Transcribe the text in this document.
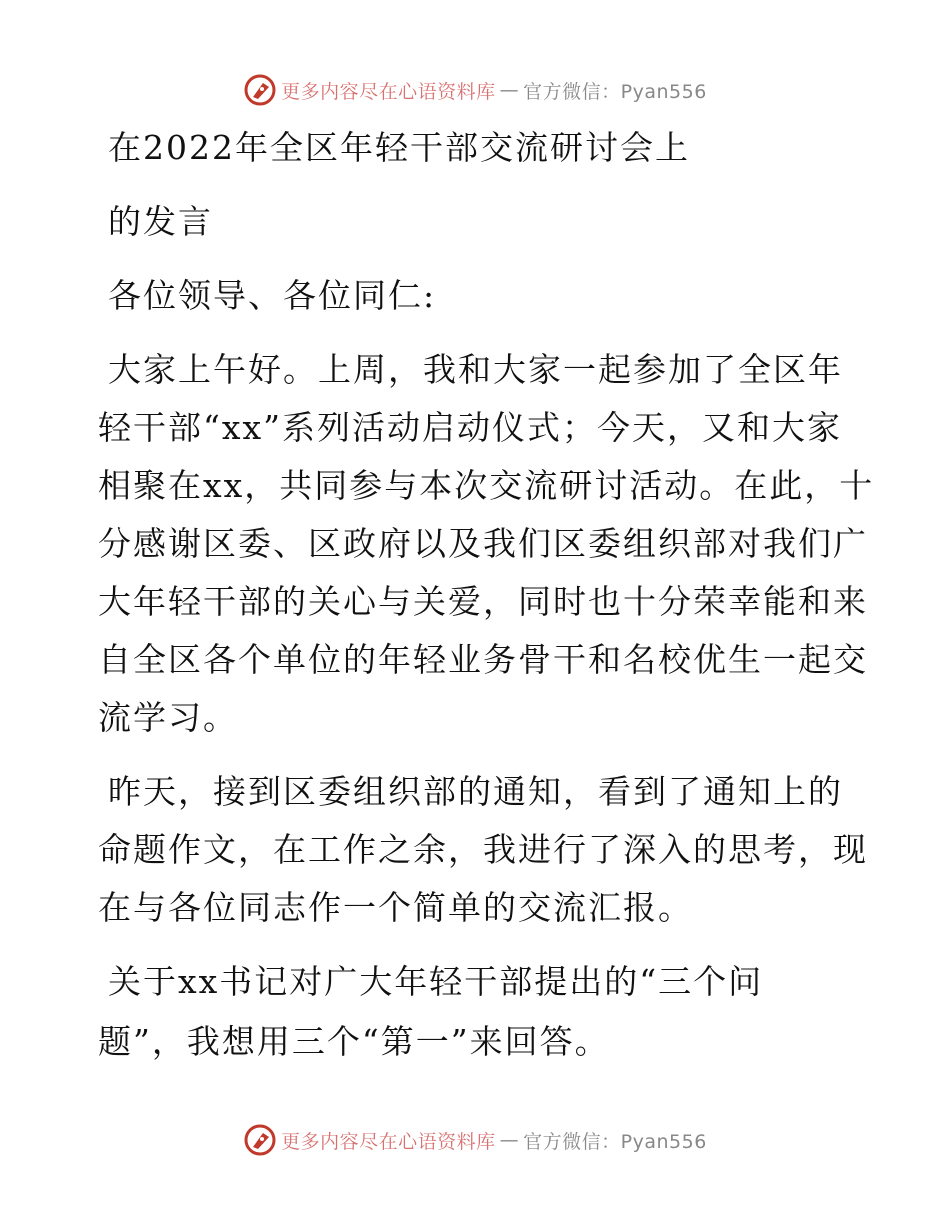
更多内容尽在心语资料库 — 官方微信：Pyan556
在2022年全区年轻干部交流研讨会上
的发言
各位领导、各位同仁:
大家上午好。上周，我和大家一起参加了全区年
轻干部“xx”系列活动启动仪式；今天，又和大家
相聚在xx，共同参与本次交流研讨活动。在此，十
分感谢区委、区政府以及我们区委组织部对我们广
大年轻干部的关心与关爱，同时也十分荣幸能和来
自全区各个单位的年轻业务骨干和名校优生一起交
流学习。
昨天，接到区委组织部的通知，看到了通知上的
命题作文，在工作之余，我进行了深入的思考，现
在与各位同志作一个简单的交流汇报。
关于xx书记对广大年轻干部提出的“三个问
题”，我想用三个“第一”来回答。
更多内容尽在心语资料库 — 官方微信：Pyan556
